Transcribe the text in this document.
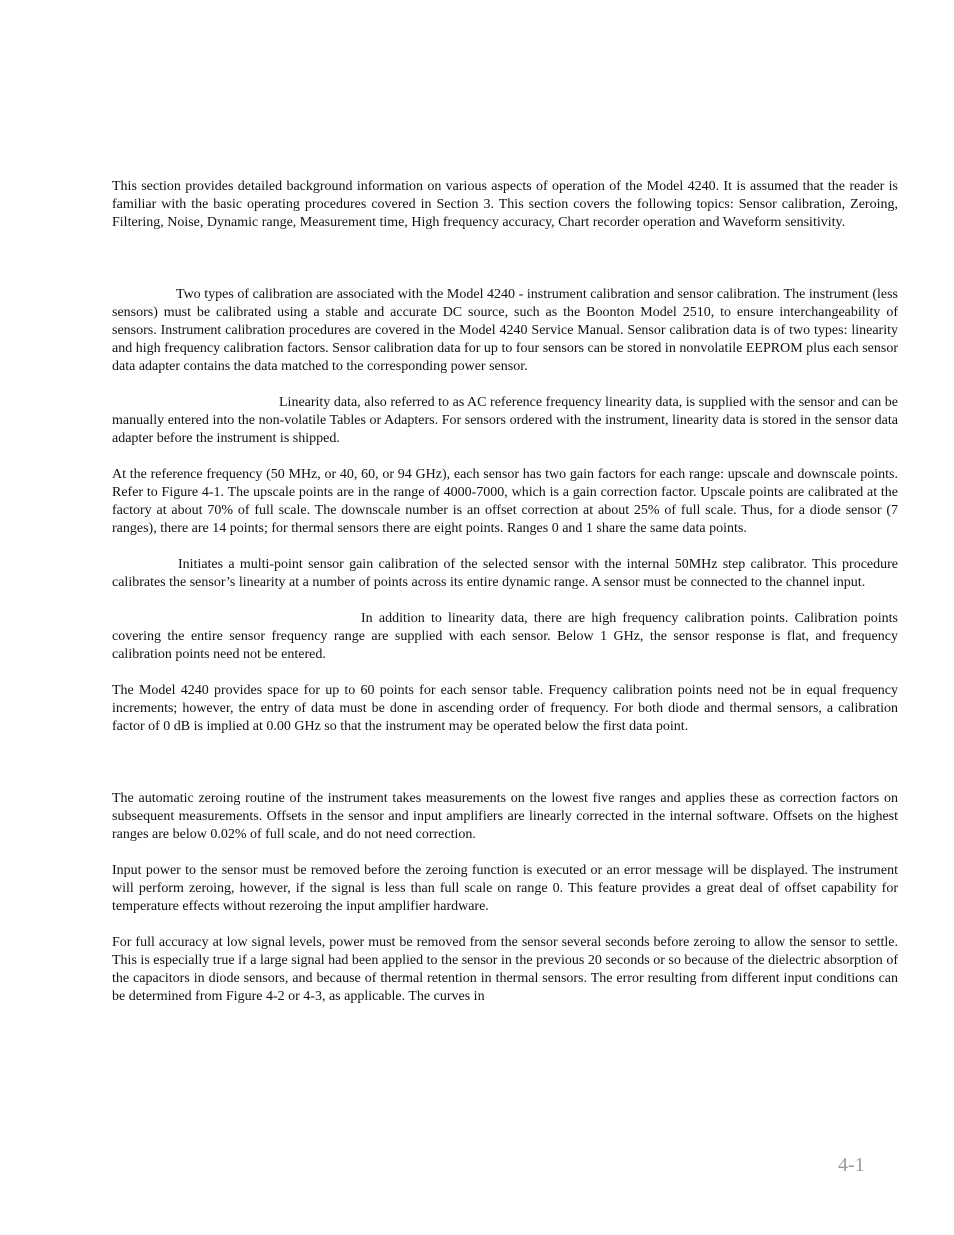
This section provides detailed background information on various aspects of operation of the Model 4240. It is assumed that the reader is familiar with the basic operating procedures covered in Section 3. This section covers the following topics: Sensor calibration, Zeroing, Filtering, Noise, Dynamic range, Measurement time, High frequency accuracy, Chart recorder operation and Waveform sensitivity.

Two types of calibration are associated with the Model 4240 - instrument calibration and sensor calibration. The instrument (less sensors) must be calibrated using a stable and accurate DC source, such as the Boonton Model 2510, to ensure interchangeability of sensors. Instrument calibration procedures are covered in the Model 4240 Service Manual. Sensor calibration data is of two types: linearity and high frequency calibration factors. Sensor calibration data for up to four sensors can be stored in nonvolatile EEPROM plus each sensor data adapter contains the data matched to the corresponding power sensor.

Linearity data, also referred to as AC reference frequency linearity data, is supplied with the sensor and can be manually entered into the non-volatile Tables or Adapters. For sensors ordered with the instrument, linearity data is stored in the sensor data adapter before the instrument is shipped.

At the reference frequency (50 MHz, or 40, 60, or 94 GHz), each sensor has two gain factors for each range: upscale and downscale points. Refer to Figure 4-1. The upscale points are in the range of 4000-7000, which is a gain correction factor. Upscale points are calibrated at the factory at about 70% of full scale. The downscale number is an offset correction at about 25% of full scale. Thus, for a diode sensor (7 ranges), there are 14 points; for thermal sensors there are eight points. Ranges 0 and 1 share the same data points.

Initiates a multi-point sensor gain calibration of the selected sensor with the internal 50MHz step calibrator. This procedure calibrates the sensor’s linearity at a number of points across its entire dynamic range. A sensor must be connected to the channel input.

In addition to linearity data, there are high frequency calibration points. Calibration points covering the entire sensor frequency range are supplied with each sensor. Below 1 GHz, the sensor response is flat, and frequency calibration points need not be entered.

The Model 4240 provides space for up to 60 points for each sensor table. Frequency calibration points need not be in equal frequency increments; however, the entry of data must be done in ascending order of frequency. For both diode and thermal sensors, a calibration factor of 0 dB is implied at 0.00 GHz so that the instrument may be operated below the first data point.

The automatic zeroing routine of the instrument takes measurements on the lowest five ranges and applies these as correction factors on subsequent measurements. Offsets in the sensor and input amplifiers are linearly corrected in the internal software. Offsets on the highest ranges are below 0.02% of full scale, and do not need correction.

Input power to the sensor must be removed before the zeroing function is executed or an error message will be displayed. The instrument will perform zeroing, however, if the signal is less than full scale on range 0. This feature provides a great deal of offset capability for temperature effects without rezeroing the input amplifier hardware.

For full accuracy at low signal levels, power must be removed from the sensor several seconds before zeroing to allow the sensor to settle. This is especially true if a large signal had been applied to the sensor in the previous 20 seconds or so because of the dielectric absorption of the capacitors in diode sensors, and because of thermal retention in thermal sensors. The error resulting from different input conditions can be determined from Figure 4-2 or 4-3, as applicable. The curves in

4-1
